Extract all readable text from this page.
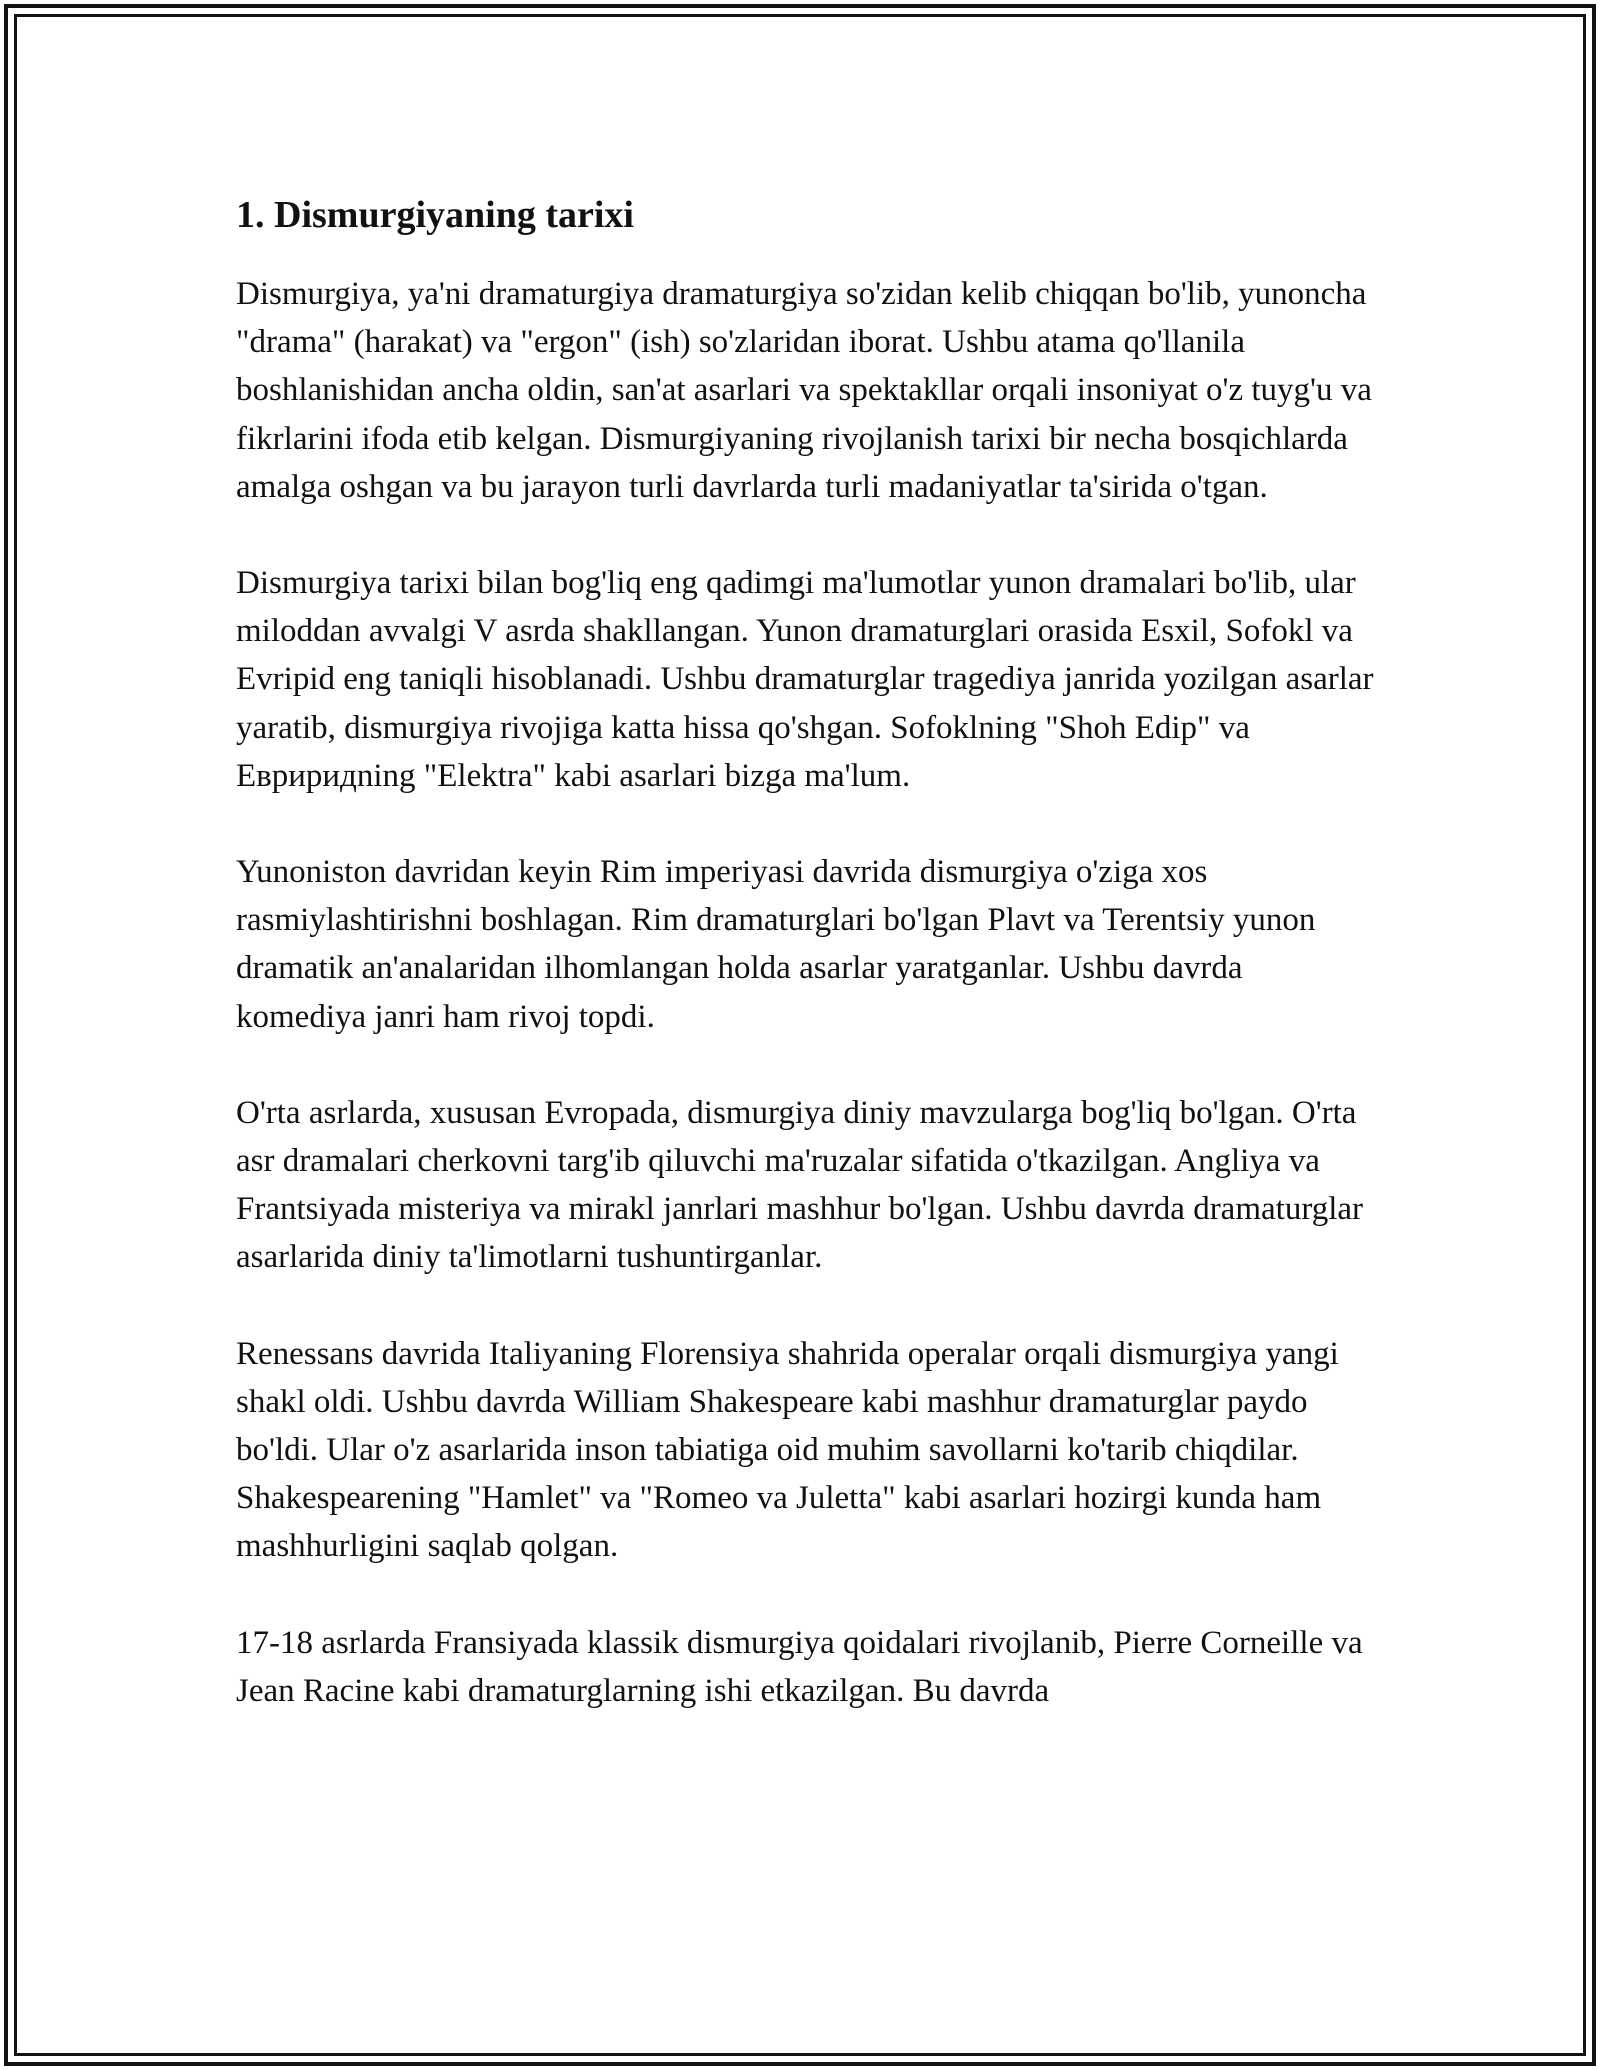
1. Dismurgiyaning tarixi

Dismurgiya, ya'ni dramaturgiya dramaturgiya so'zidan kelib chiqqan bo'lib, yunoncha "drama" (harakat) va "ergon" (ish) so'zlaridan iborat. Ushbu atama qo'llanila boshlanishidan ancha oldin, san'at asarlari va spektakllar orqali insoniyat o'z tuyg'u va fikrlarini ifoda etib kelgan. Dismurgiyaning rivojlanish tarixi bir necha bosqichlarda amalga oshgan va bu jarayon turli davrlarda turli madaniyatlar ta'sirida o'tgan.

Dismurgiya tarixi bilan bog'liq eng qadimgi ma'lumotlar yunon dramalari bo'lib, ular miloddan avvalgi V asrda shakllangan. Yunon dramaturglari orasida Esxil, Sofokl va Evripid eng taniqli hisoblanadi. Ushbu dramaturglar tragediya janrida yozilgan asarlar yaratib, dismurgiya rivojiga katta hissa qo'shgan. Sofoklning "Shoh Edip" va Евриридning "Elektra" kabi asarlari bizga ma'lum.

Yunoniston davridan keyin Rim imperiyasi davrida dismurgiya o'ziga xos rasmiylashtirishni boshlagan. Rim dramaturglari bo'lgan Plavt va Terentsiy yunon dramatik an'analaridan ilhomlangan holda asarlar yaratganlar. Ushbu davrda komediya janri ham rivoj topdi.

O'rta asrlarda, xususan Evropada, dismurgiya diniy mavzularga bog'liq bo'lgan. O'rta asr dramalari cherkovni targ'ib qiluvchi ma'ruzalar sifatida o'tkazilgan. Angliya va Frantsiyada misteriya va mirakl janrlari mashhur bo'lgan. Ushbu davrda dramaturglar asarlarida diniy ta'limotlarni tushuntirganlar.

Renessans davrida Italiyaning Florensiya shahrida operalar orqali dismurgiya yangi shakl oldi. Ushbu davrda William Shakespeare kabi mashhur dramaturglar paydo bo'ldi. Ular o'z asarlarida inson tabiatiga oid muhim savollarni ko'tarib chiqdilar. Shakespearening "Hamlet" va "Romeo va Juletta" kabi asarlari hozirgi kunda ham mashhurligini saqlab qolgan.

17-18 asrlarda Fransiyada klassik dismurgiya qoidalari rivojlanib, Pierre Corneille va Jean Racine kabi dramaturglarning ishi etkazilgan. Bu davrda
